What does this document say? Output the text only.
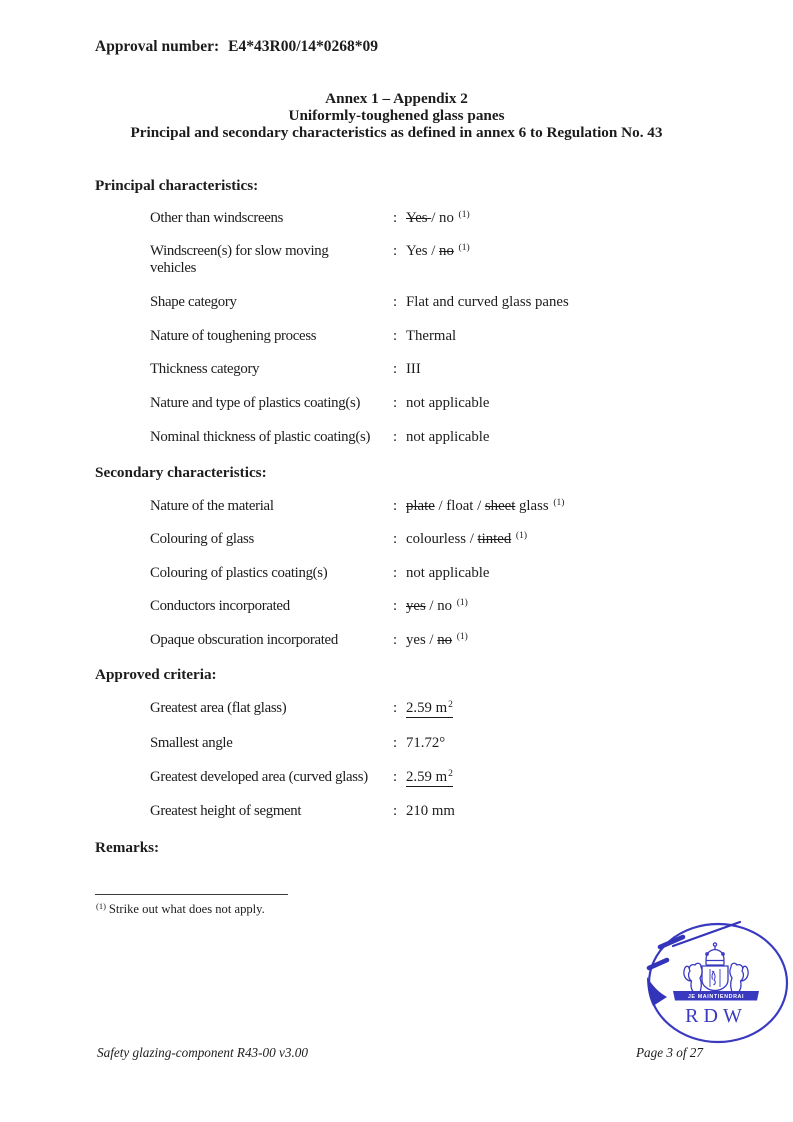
Approval number: E4*43R00/14*0268*09
Annex 1 – Appendix 2
Uniformly-toughened glass panes
Principal and secondary characteristics as defined in annex 6 to Regulation No. 43
Principal characteristics:
Other than windscreens	: Yes / no $^{(1)}$
Windscreen(s) for slow moving
vehicles
: Yes / no $^{(1)}$
Shape category	: Flat and curved glass panes
Nature of toughening process	: Thermal
Thickness category	: III
Nature and type of plastics coating(s)	: not applicable
Nominal thickness of plastic coating(s)	: not applicable
Secondary characteristics:
Nature of the material	: plate / float / sheet glass $^{(1)}$
Colouring of glass	: colourless / tinted $^{(1)}$
Colouring of plastics coating(s)	: not applicable
Conductors incorporated	: yes / no $^{(1)}$
Opaque obscuration incorporated	: yes / no $^{(1)}$
Approved criteria:
Greatest area (flat glass)	: 2.59 $m^2$
Smallest angle	: 71.72°
Greatest developed area (curved glass)	: 2.59 $m^2$
Greatest height of segment	: 210 mm
Remarks:
$^{(1)}$ Strike out what does not apply.
Safety glazing-component R43-00 v3.00	Page 3 of 27
JE MAINTIENDRAI
RDW
